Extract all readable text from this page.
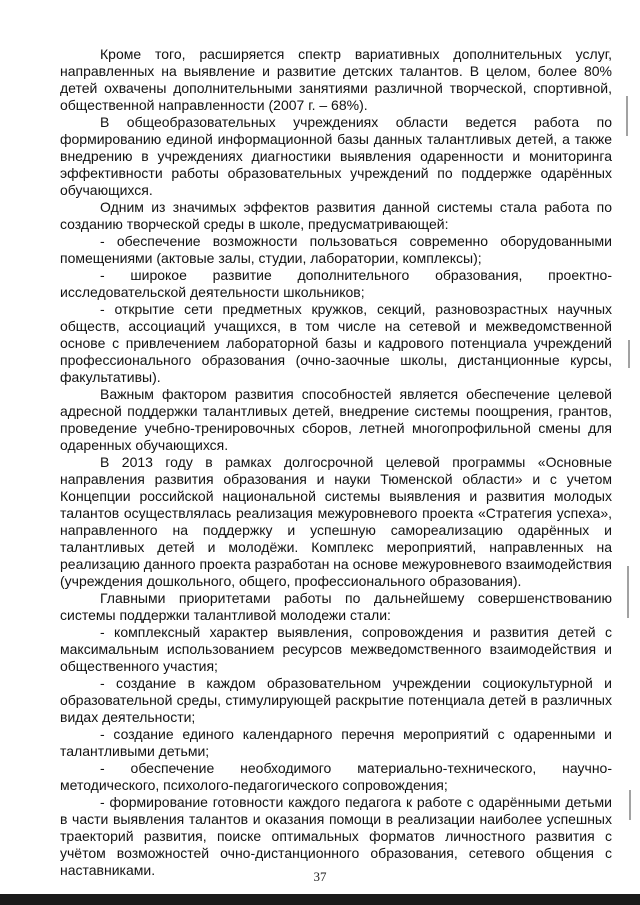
Кроме того, расширяется спектр вариативных дополнительных услуг, направленных на выявление и развитие детских талантов. В целом, более 80% детей охвачены дополнительными занятиями различной творческой, спортивной, общественной направленности (2007 г. – 68%).

В общеобразовательных учреждениях области ведется работа по формированию единой информационной базы данных талантливых детей, а также внедрению в учреждениях диагностики выявления одаренности и мониторинга эффективности работы образовательных учреждений по поддержке одарённых обучающихся.

Одним из значимых эффектов развития данной системы стала работа по созданию творческой среды в школе, предусматривающей:

- обеспечение возможности пользоваться современно оборудованными помещениями (актовые залы, студии, лаборатории, комплексы);

- широкое развитие дополнительного образования, проектно-исследовательской деятельности школьников;

- открытие сети предметных кружков, секций, разновозрастных научных обществ, ассоциаций учащихся, в том числе на сетевой и межведомственной основе с привлечением лабораторной базы и кадрового потенциала учреждений профессионального образования (очно-заочные школы, дистанционные курсы, факультативы).

Важным фактором развития способностей является обеспечение целевой адресной поддержки талантливых детей, внедрение системы поощрения, грантов, проведение учебно-тренировочных сборов, летней многопрофильной смены для одаренных обучающихся.

В 2013 году в рамках долгосрочной целевой программы «Основные направления развития образования и науки Тюменской области» и с учетом Концепции российской национальной системы выявления и развития молодых талантов осуществлялась реализация межуровневого проекта «Стратегия успеха», направленного на поддержку и успешную самореализацию одарённых и талантливых детей и молодёжи. Комплекс мероприятий, направленных на реализацию данного проекта разработан на основе межуровневого взаимодействия (учреждения дошкольного, общего, профессионального образования).

Главными приоритетами работы по дальнейшему совершенствованию системы поддержки талантливой молодежи стали:

- комплексный характер выявления, сопровождения и развития детей с максимальным использованием ресурсов межведомственного взаимодействия и общественного участия;

- создание в каждом образовательном учреждении социокультурной и образовательной среды, стимулирующей раскрытие потенциала детей в различных видах деятельности;

- создание единого календарного перечня мероприятий с одаренными и талантливыми детьми;

- обеспечение необходимого материально-технического, научно-методического, психолого-педагогического сопровождения;

- формирование готовности каждого педагога к работе с одарёнными детьми в части выявления талантов и оказания помощи в реализации наиболее успешных траекторий развития, поиске оптимальных форматов личностного развития с учётом возможностей очно-дистанционного образования, сетевого общения с наставниками.	37
